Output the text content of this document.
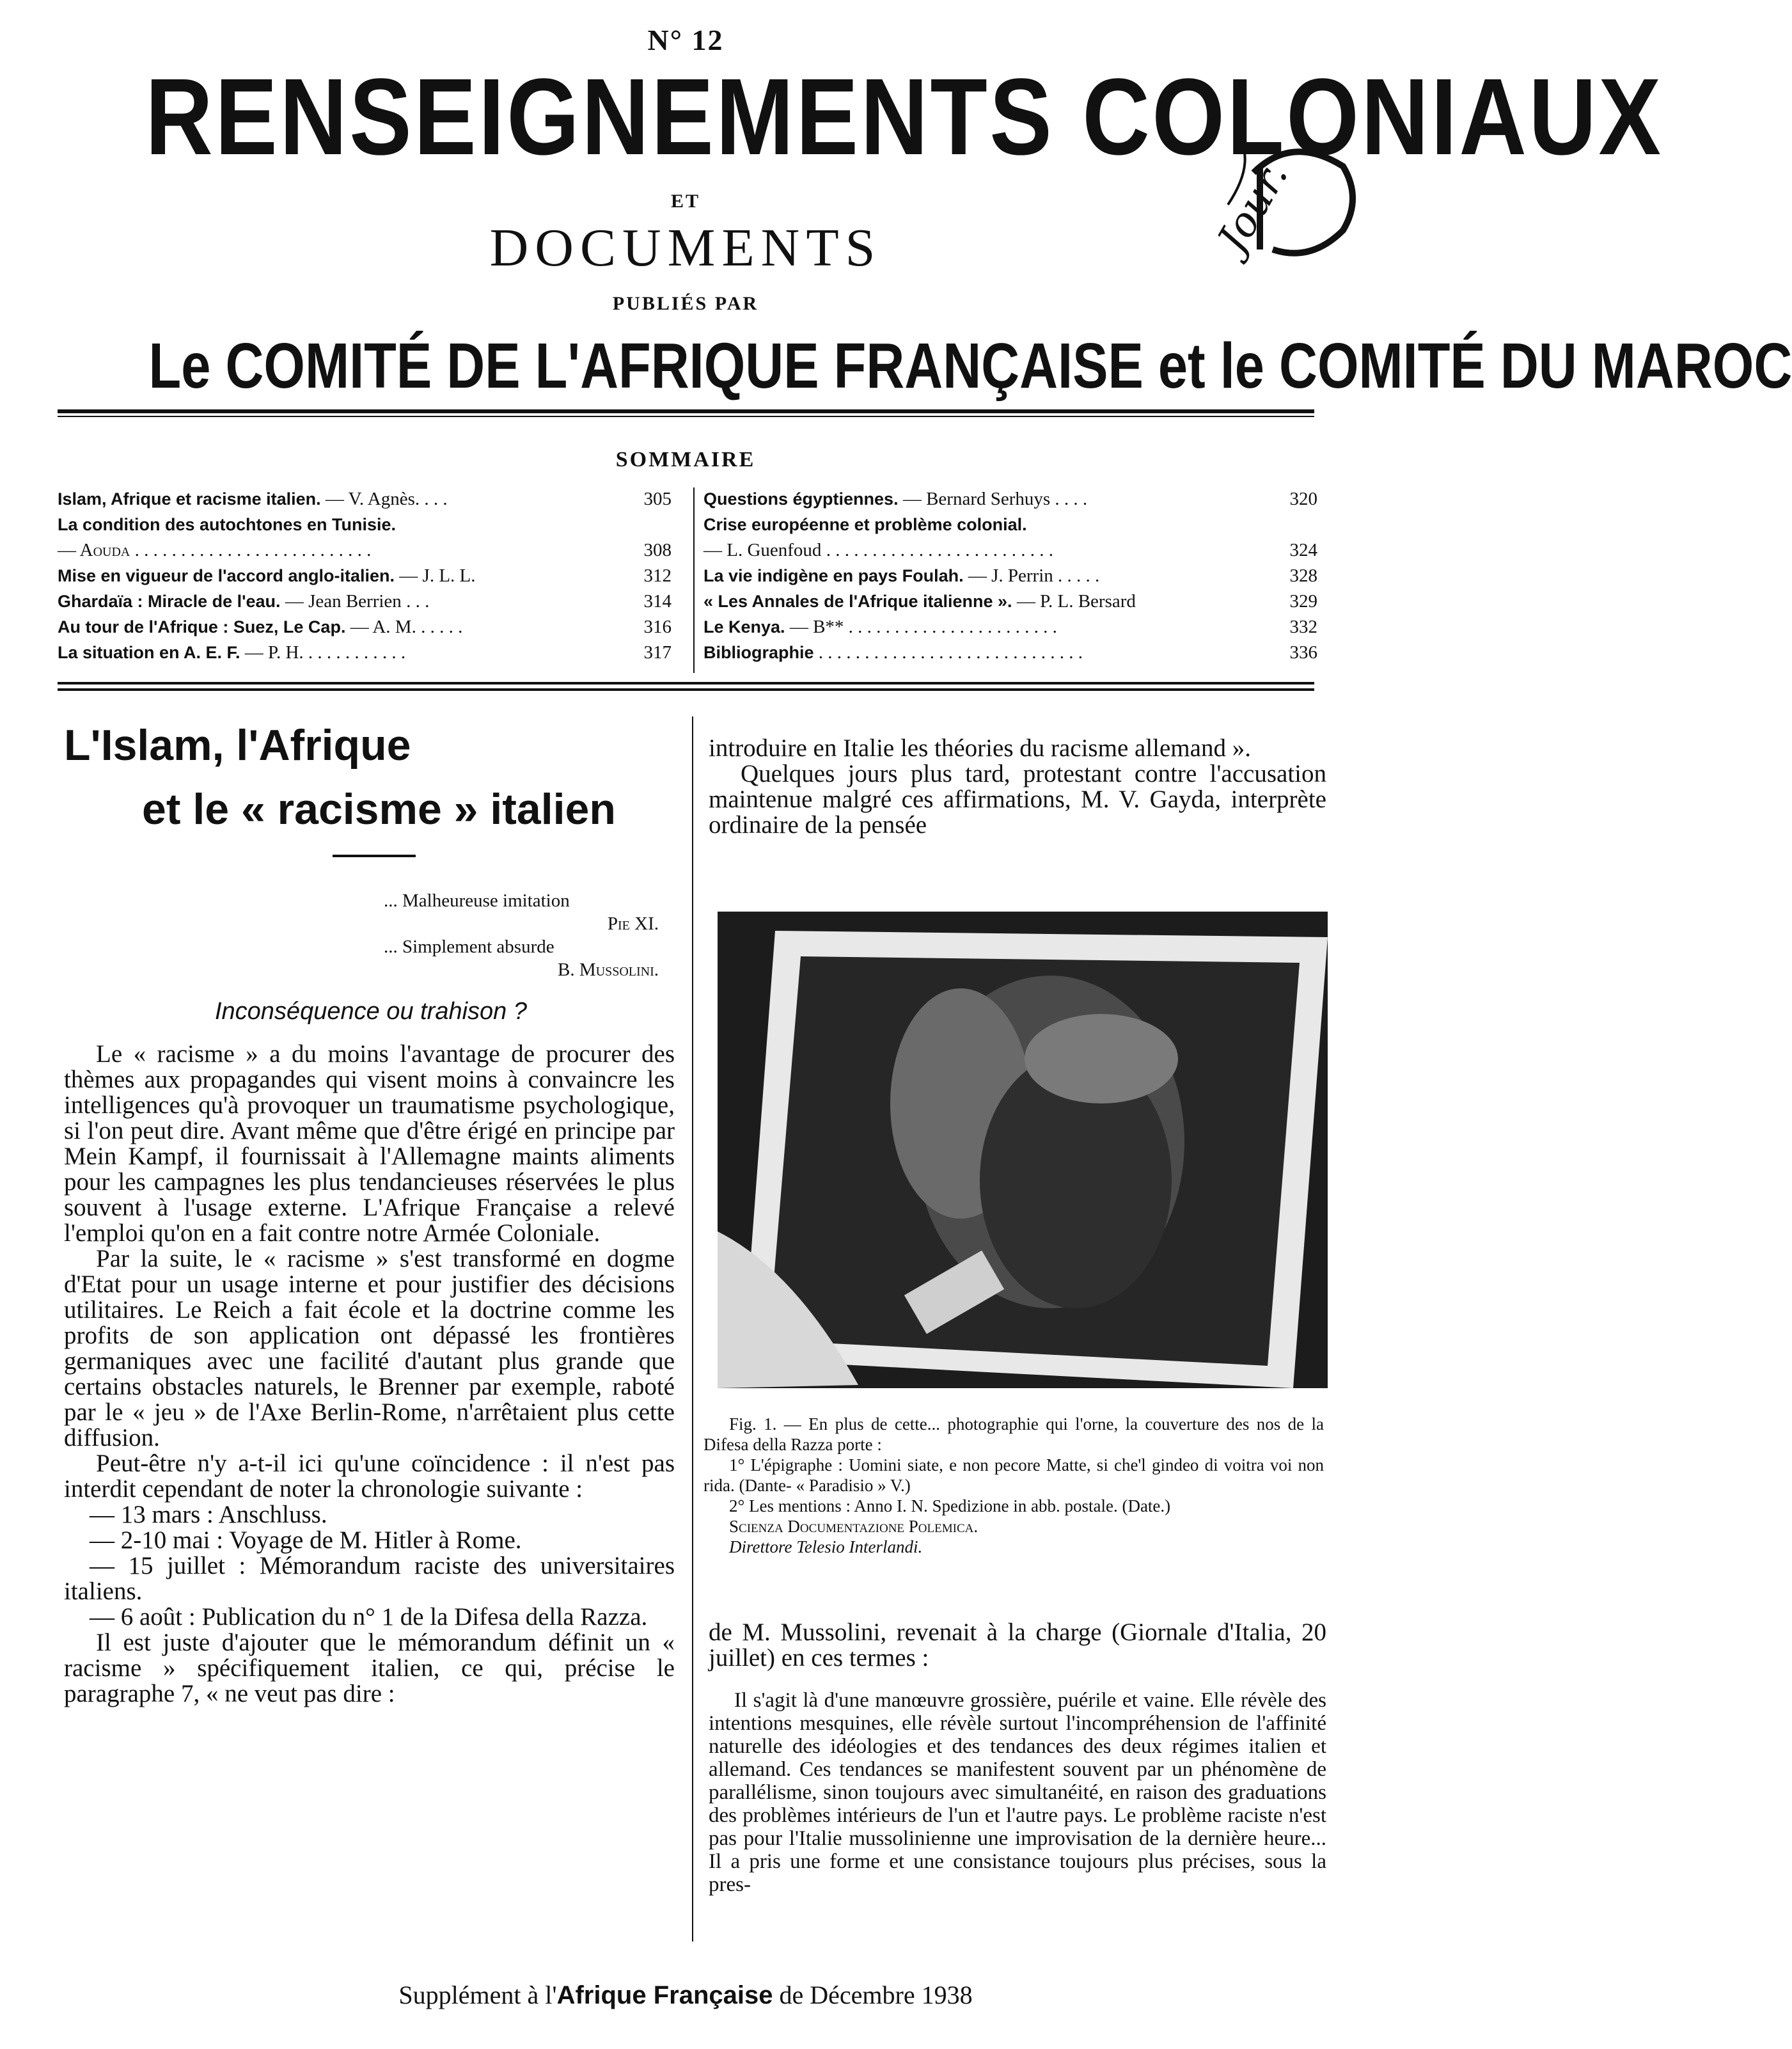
N° 12
RENSEIGNEMENTS COLONIAUX
ET
DOCUMENTS
PUBLIÉS PAR
Le COMITÉ DE L'AFRIQUE FRANÇAISE et le COMITÉ DU MAROC
Jour.
SOMMAIRE
Islam, Afrique et racisme italien. — V. Agnès. . . .	305
La condition des autochtones en Tunisie.
— Aouda . . . . . . . . . . . . . . . . . . . . . . . . . .	308
Mise en vigueur de l'accord anglo-italien. — J. L. L.	312
Ghardaïa : Miracle de l'eau. — Jean Berrien . . .	314
Au tour de l'Afrique : Suez, Le Cap. — A. M. . . . . .	316
La situation en A. E. F. — P. H. . . . . . . . . . . .	317
Questions égyptiennes. — Bernard Serhuys . . . .	320
Crise européenne et problème colonial.
— L. Guenfoud . . . . . . . . . . . . . . . . . . . . . . . . .	324
La vie indigène en pays Foulah. — J. Perrin . . . . .	328
« Les Annales de l'Afrique italienne ». — P. L. Bersard	329
Le Kenya. — B** . . . . . . . . . . . . . . . . . . . . . . .	332
Bibliographie . . . . . . . . . . . . . . . . . . . . . . . . . . . . .	336
L'Islam, l'Afrique
et le « racisme » italien
... Malheureuse imitation
Pie XI.
... Simplement absurde
B. Mussolini.
Inconséquence ou trahison ?

Le « racisme » a du moins l'avantage de procurer des thèmes aux propagandes qui visent moins à convaincre les intelligences qu'à provoquer un traumatisme psychologique, si l'on peut dire. Avant même que d'être érigé en principe par Mein Kampf, il fournissait à l'Allemagne maints aliments pour les campagnes les plus tendancieuses réservées le plus souvent à l'usage externe. L'Afrique Française a relevé l'emploi qu'on en a fait contre notre Armée Coloniale.

Par la suite, le « racisme » s'est transformé en dogme d'Etat pour un usage interne et pour justifier des décisions utilitaires. Le Reich a fait école et la doctrine comme les profits de son application ont dépassé les frontières germaniques avec une facilité d'autant plus grande que certains obstacles naturels, le Brenner par exemple, raboté par le « jeu » de l'Axe Berlin-Rome, n'arrêtaient plus cette diffusion.

Peut-être n'y a-t-il ici qu'une coïncidence : il n'est pas interdit cependant de noter la chronologie suivante :

— 13 mars : Anschluss.

— 2-10 mai : Voyage de M. Hitler à Rome.

— 15 juillet : Mémorandum raciste des universitaires italiens.

— 6 août : Publication du n° 1 de la Difesa della Razza.

Il est juste d'ajouter que le mémorandum définit un « racisme » spécifiquement italien, ce qui, précise le paragraphe 7, « ne veut pas dire :

introduire en Italie les théories du racisme allemand ».

Quelques jours plus tard, protestant contre l'accusation maintenue malgré ces affirmations, M. V. Gayda, interprète ordinaire de la pensée

Fig. 1. — En plus de cette... photographie qui l'orne, la couverture des nos de la Difesa della Razza porte :

1° L'épigraphe : Uomini siate, e non pecore Matte, si che'l gindeo di voitra voi non rida. (Dante- « Paradisio » V.)

2° Les mentions : Anno I. N. Spedizione in abb. postale. (Date.)

Scienza Documentazione Polemica.

Direttore Telesio Interlandi.

de M. Mussolini, revenait à la charge (Giornale d'Italia, 20 juillet) en ces termes :

Il s'agit là d'une manœuvre grossière, puérile et vaine. Elle révèle des intentions mesquines, elle révèle surtout l'incompréhension de l'affinité naturelle des idéologies et des tendances des deux régimes italien et allemand. Ces tendances se manifestent souvent par un phénomène de parallélisme, sinon toujours avec simultanéité, en raison des graduations des problèmes intérieurs de l'un et l'autre pays. Le problème raciste n'est pas pour l'Italie mussolinienne une improvisation de la dernière heure... Il a pris une forme et une consistance toujours plus précises, sous la pres-

Supplément à l'Afrique Française de Décembre 1938
